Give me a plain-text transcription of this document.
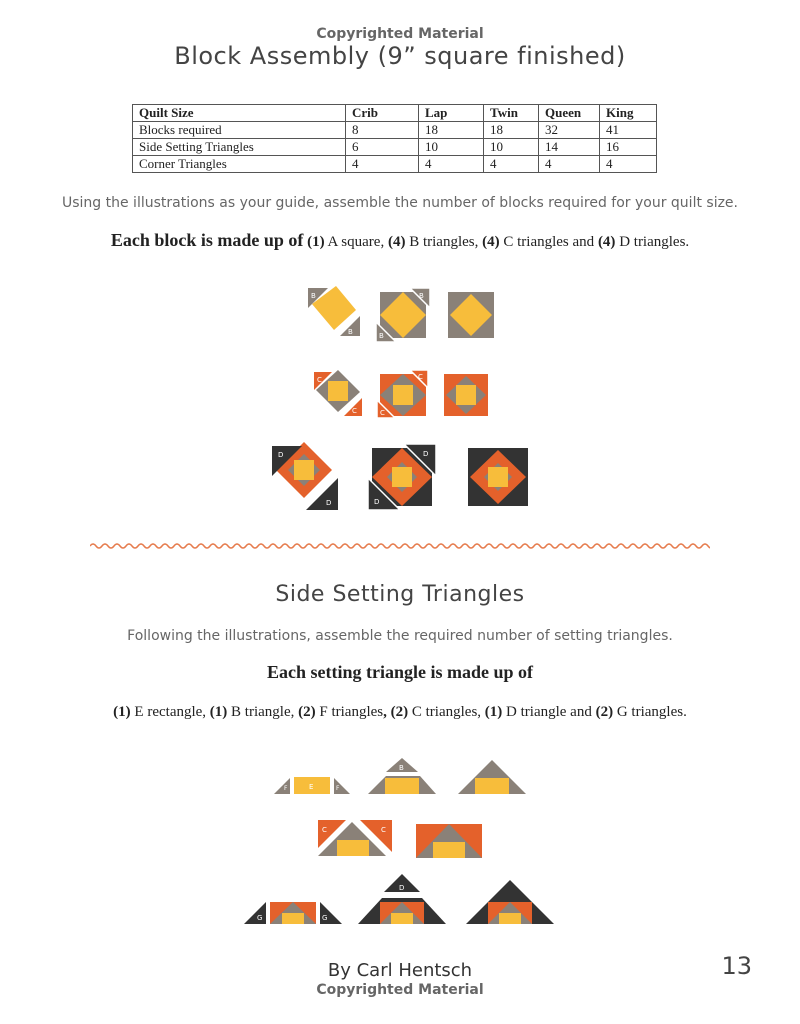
Copyrighted Material
Block Assembly (9” square finished)
Quilt Size	Crib	Lap	Twin	Queen	King
Blocks required	8	18	18	32	41
Side Setting Triangles	6	10	10	14	16
Corner Triangles	4	4	4	4	4
Using the illustrations as your guide, assemble the number of blocks required for your quilt size.
Each block is made up of (1) A square, (4) B triangles, (4) C triangles and (4) D triangles.
B
B
B
B
C
C
C
C
D
D
D
D
Side Setting Triangles
Following the illustrations, assemble the required number of setting triangles.
Each setting triangle is made up of
(1) E rectangle, (1) B triangle, (2) F triangles, (2) C triangles, (1) D triangle and (2) G triangles.
F	E	F
B
C	C
G	G
D
By Carl Hentsch
Copyrighted Material
13
